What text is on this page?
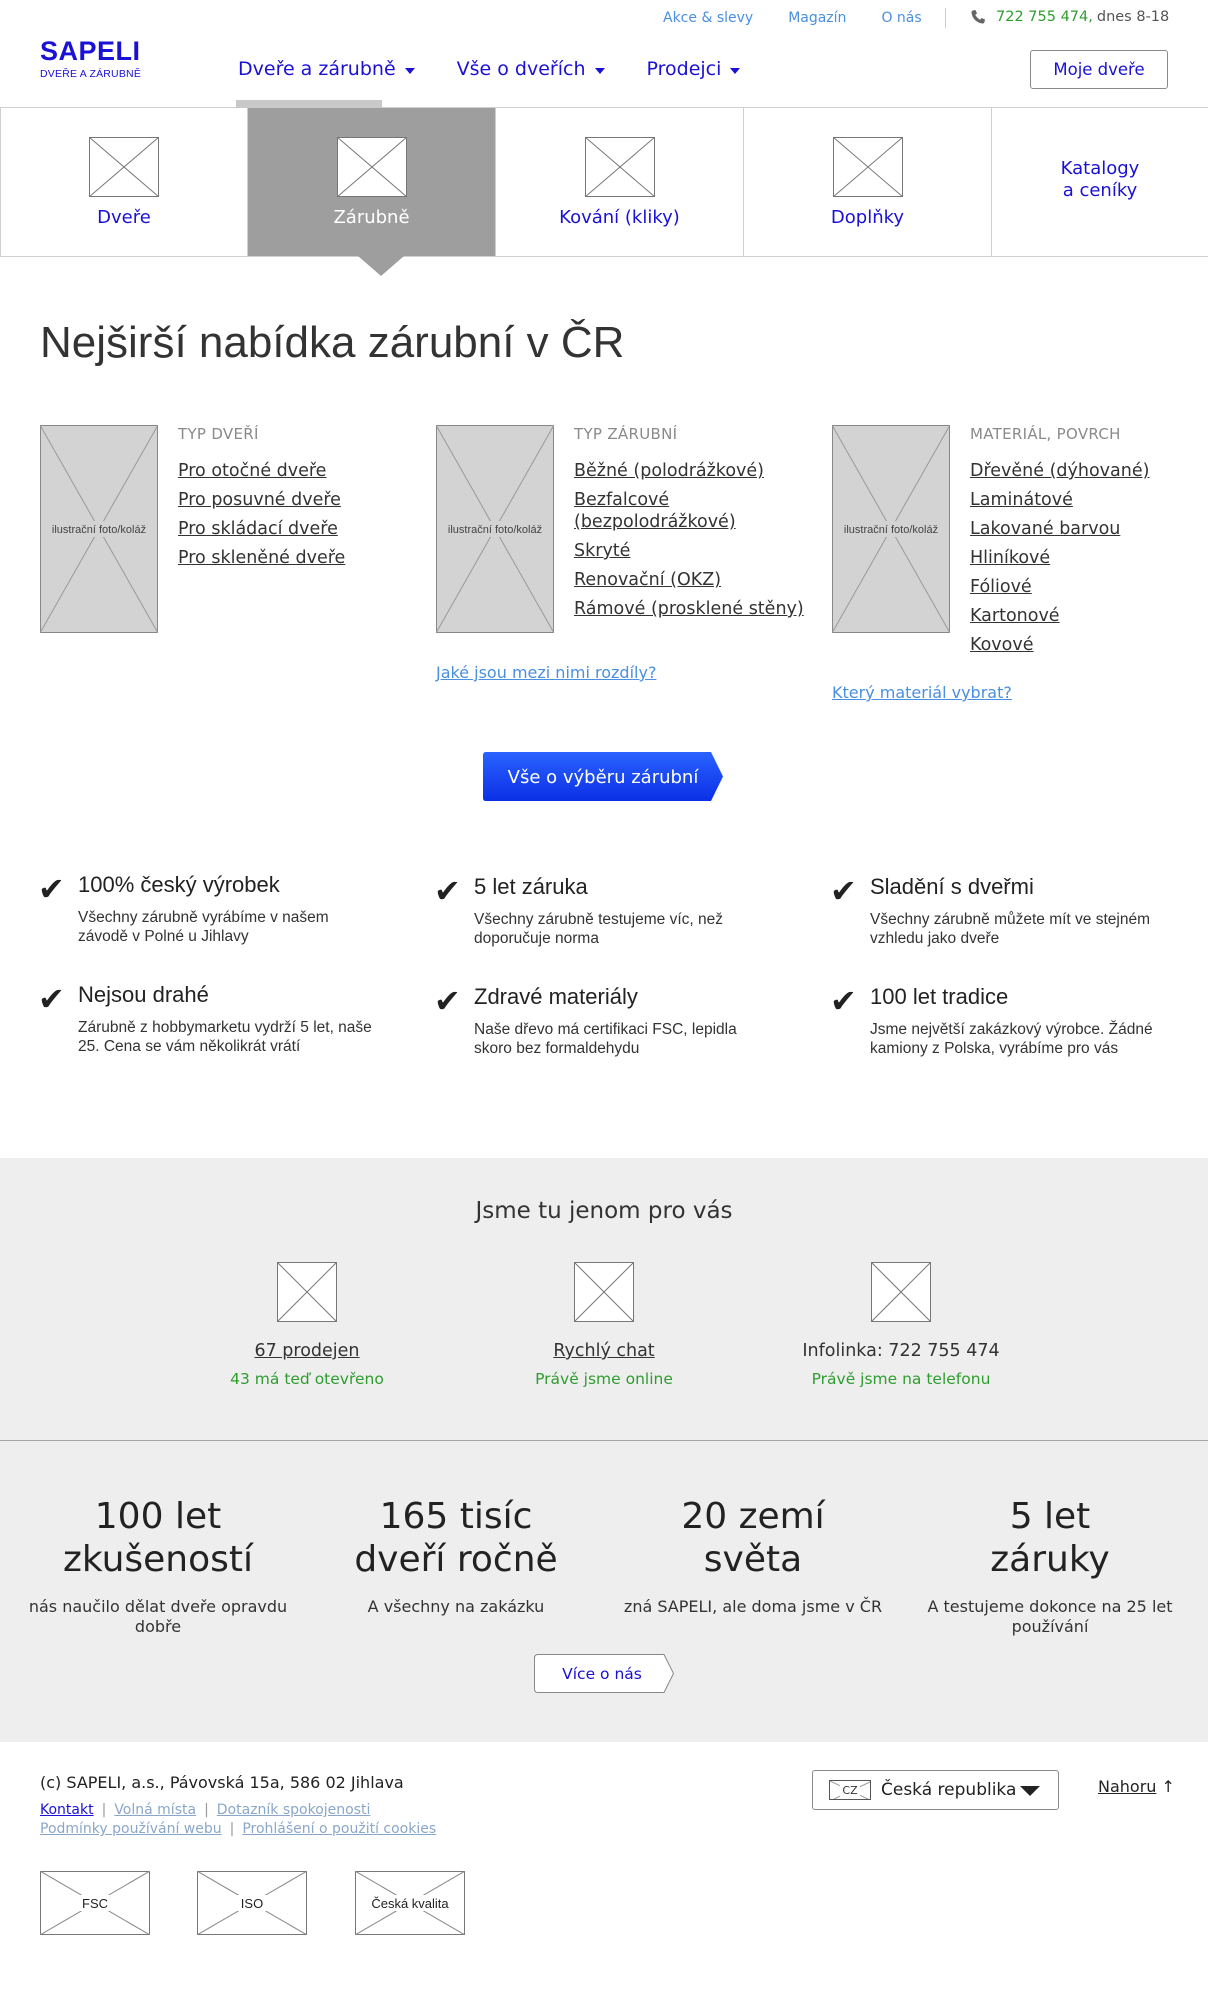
SAPELI
DVEŘE A ZÁRUBNĚ
Akce & slevy	Magazín	O nás	722 755 474, dnes 8-18
Dveře a zárubně	Vše o dveřích	Prodejci	Moje dveře
Dveře	Zárubně	Kování (kliky)	Doplňky
Katalogy
a ceníky
Nejširší nabídka zárubní v ČR
ilustrační foto/koláž
TYP DVEŘÍ
Pro otočné dveře
Pro posuvné dveře
Pro skládací dveře
Pro skleněné dveře
ilustrační foto/koláž
TYP ZÁRUBNÍ
Běžné (polodrážkové)
Bezfalcové (bezpolodrážkové)
Skryté
Renovační (OKZ)
Rámové (prosklené stěny)
Jaké jsou mezi nimi rozdíly?
ilustrační foto/koláž
MATERIÁL, POVRCH
Dřevěné (dýhované)
Laminátové
Lakované barvou
Hliníkové
Fóliové
Kartonové
Kovové
Který materiál vybrat?
Vše o výběru zárubní
✔ 100% český výrobek
Všechny zárubně vyrábíme v našem závodě v Polné u Jihlavy
✔ 5 let záruka
Všechny zárubně testujeme víc, než doporučuje norma
✔ Sladění s dveřmi
Všechny zárubně můžete mít ve stejném vzhledu jako dveře
✔ Nejsou drahé
Zárubně z hobbymarketu vydrží 5 let, naše 25. Cena se vám několikrát vrátí
✔ Zdravé materiály
Naše dřevo má certifikaci FSC, lepidla skoro bez formaldehydu
✔ 100 let tradice
Jsme největší zakázkový výrobce. Žádné kamiony z Polska, vyrábíme pro vás
Jsme tu jenom pro vás
67 prodejen
43 má teď otevřeno
Rychlý chat
Právě jsme online
Infolinka: 722 755 474
Právě jsme na telefonu
100 let
zkušeností
nás naučilo dělat dveře opravdu dobře
165 tisíc
dveří ročně
A všechny na zakázku
20 zemí
světa
zná SAPELI, ale doma jsme v ČR
5 let
záruky
A testujeme dokonce na 25 let používání
Více o nás
(c) SAPELI, a.s., Pávovská 15a, 586 02 Jihlava
Kontakt | Volná místa | Dotazník spokojenosti
Podmínky používání webu | Prohlášení o použití cookies
CZ Česká republika	Nahoru ↑
FSC	ISO	Česká kvalita
